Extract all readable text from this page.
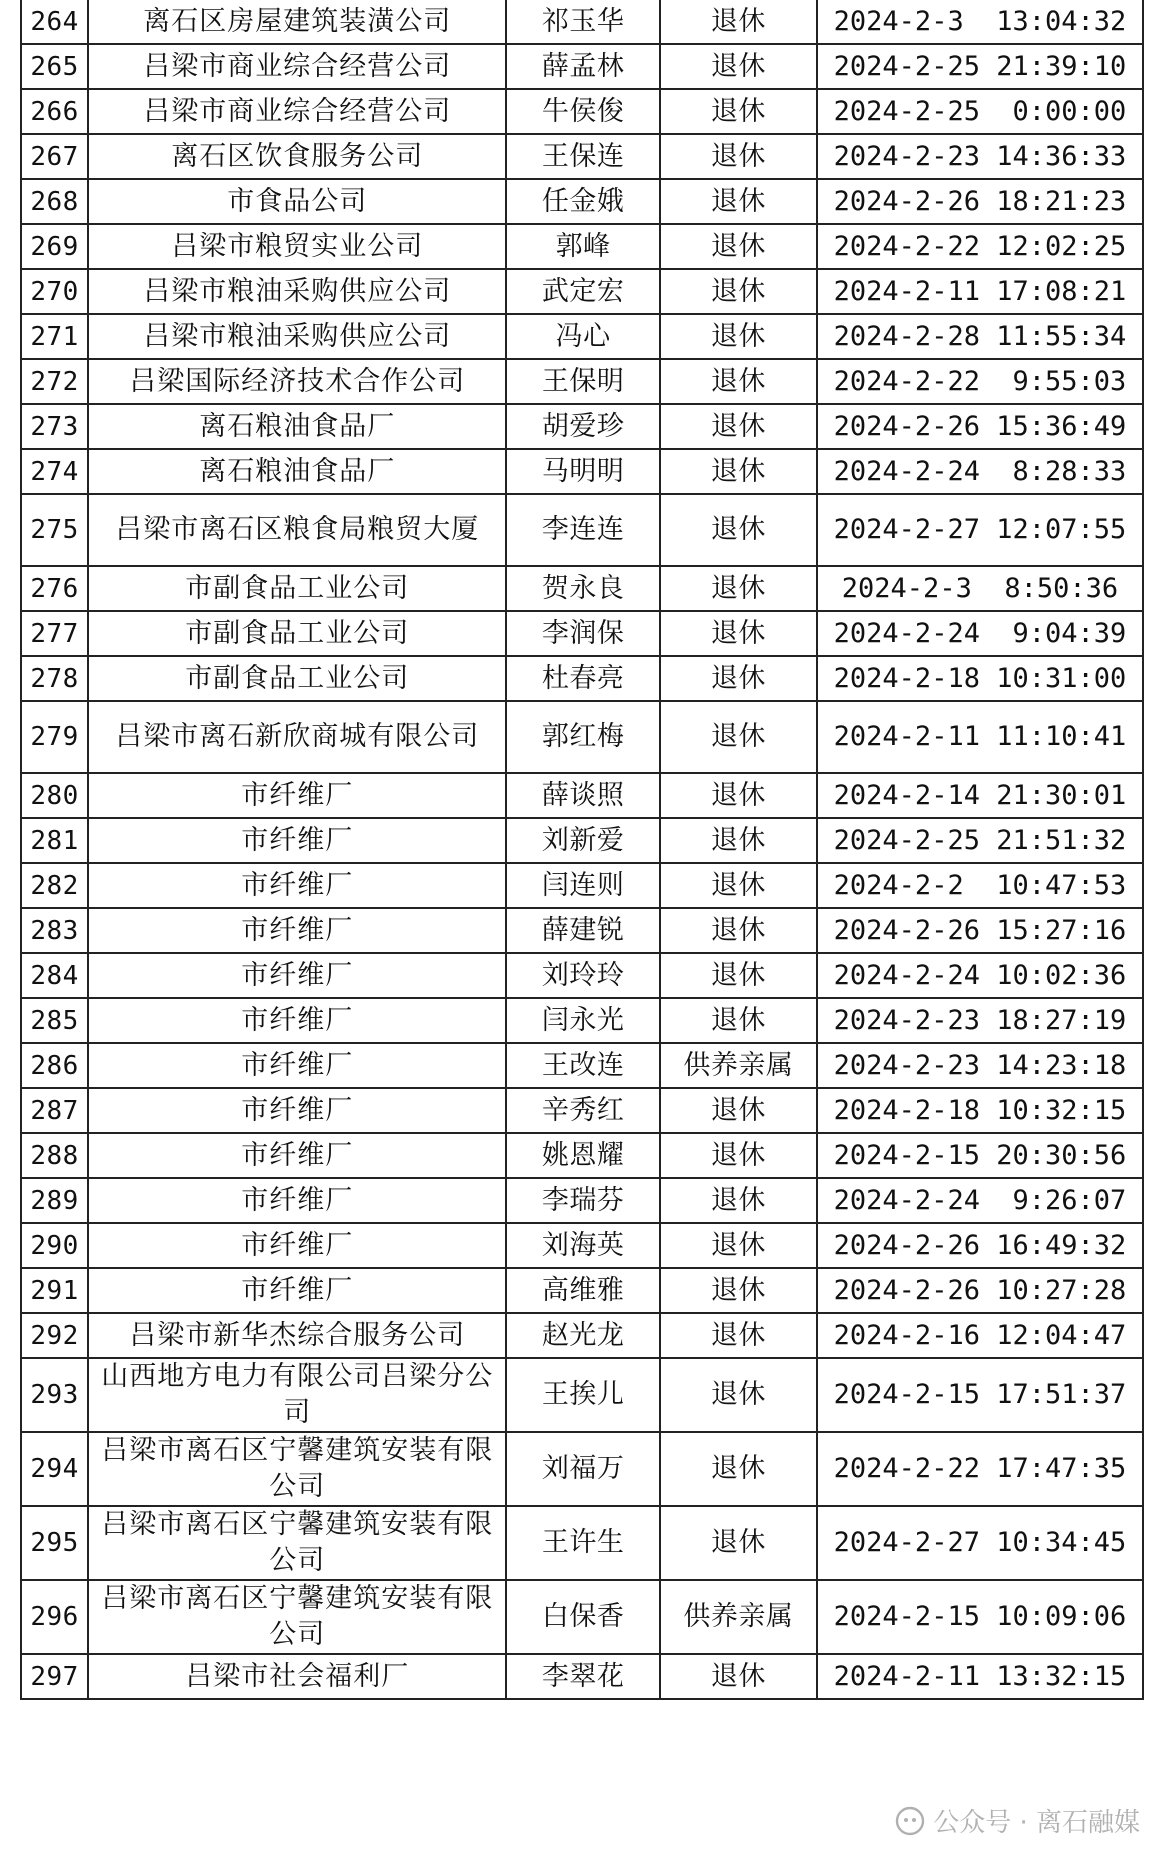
264	离石区房屋建筑装潢公司	祁玉华	退休	2024-2-3  13:04:32
265	吕梁市商业综合经营公司	薛孟林	退休	2024-2-25 21:39:10
266	吕梁市商业综合经营公司	牛侯俊	退休	2024-2-25  0:00:00
267	离石区饮食服务公司	王保连	退休	2024-2-23 14:36:33
268	市食品公司	任金娥	退休	2024-2-26 18:21:23
269	吕梁市粮贸实业公司	郭峰	退休	2024-2-22 12:02:25
270	吕梁市粮油采购供应公司	武定宏	退休	2024-2-11 17:08:21
271	吕梁市粮油采购供应公司	冯心	退休	2024-2-28 11:55:34
272	吕梁国际经济技术合作公司	王保明	退休	2024-2-22  9:55:03
273	离石粮油食品厂	胡爱珍	退休	2024-2-26 15:36:49
274	离石粮油食品厂	马明明	退休	2024-2-24  8:28:33
275	吕梁市离石区粮食局粮贸大厦	李连连	退休	2024-2-27 12:07:55
276	市副食品工业公司	贺永良	退休	2024-2-3  8:50:36
277	市副食品工业公司	李润保	退休	2024-2-24  9:04:39
278	市副食品工业公司	杜春亮	退休	2024-2-18 10:31:00
279	吕梁市离石新欣商城有限公司	郭红梅	退休	2024-2-11 11:10:41
280	市纤维厂	薛谈照	退休	2024-2-14 21:30:01
281	市纤维厂	刘新爱	退休	2024-2-25 21:51:32
282	市纤维厂	闫连则	退休	2024-2-2  10:47:53
283	市纤维厂	薛建锐	退休	2024-2-26 15:27:16
284	市纤维厂	刘玲玲	退休	2024-2-24 10:02:36
285	市纤维厂	闫永光	退休	2024-2-23 18:27:19
286	市纤维厂	王改连	供养亲属	2024-2-23 14:23:18
287	市纤维厂	辛秀红	退休	2024-2-18 10:32:15
288	市纤维厂	姚恩耀	退休	2024-2-15 20:30:56
289	市纤维厂	李瑞芬	退休	2024-2-24  9:26:07
290	市纤维厂	刘海英	退休	2024-2-26 16:49:32
291	市纤维厂	高维雅	退休	2024-2-26 10:27:28
292	吕梁市新华杰综合服务公司	赵光龙	退休	2024-2-16 12:04:47
293	山西地方电力有限公司吕梁分公司	王挨儿	退休	2024-2-15 17:51:37
294	吕梁市离石区宁馨建筑安装有限公司	刘福万	退休	2024-2-22 17:47:35
295	吕梁市离石区宁馨建筑安装有限公司	王许生	退休	2024-2-27 10:34:45
296	吕梁市离石区宁馨建筑安装有限公司	白保香	供养亲属	2024-2-15 10:09:06
297	吕梁市社会福利厂	李翠花	退休	2024-2-11 13:32:15
公众号 · 离石融媒
